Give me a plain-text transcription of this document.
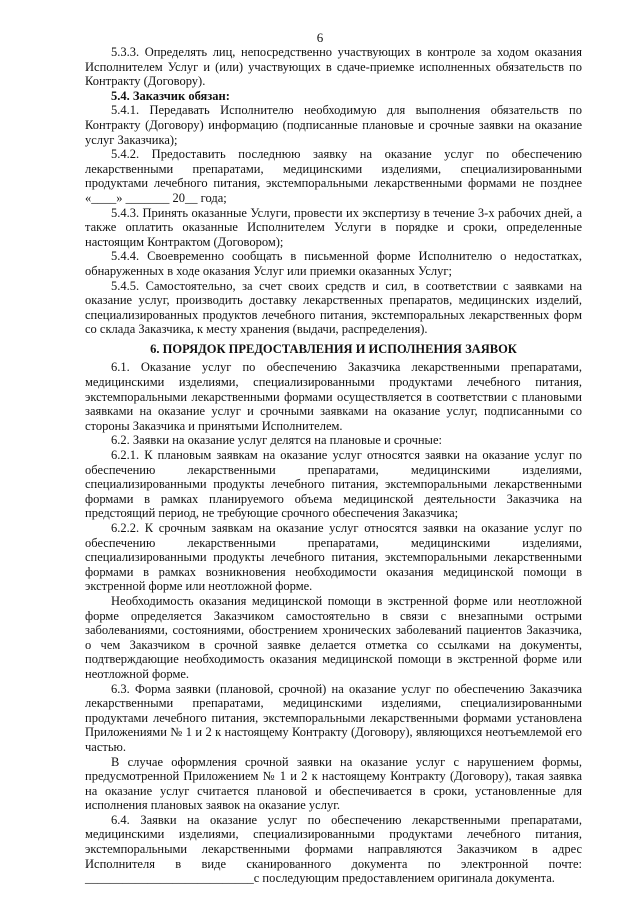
6

5.3.3. Определять лиц, непосредственно участвующих в контроле за ходом оказания Исполнителем Услуг и (или) участвующих в сдаче-приемке исполненных обязательств по Контракту (Договору).

5.4. Заказчик обязан:

5.4.1. Передавать Исполнителю необходимую для выполнения обязательств по Контракту (Договору) информацию (подписанные плановые и срочные заявки на оказание услуг Заказчика);

5.4.2. Предоставить последнюю заявку на оказание услуг по обеспечению лекарственными препаратами, медицинскими изделиями, специализированными продуктами лечебного питания, экстемпоральными лекарственными формами не позднее «____» _______ 20__ года;

5.4.3. Принять оказанные Услуги, провести их экспертизу в течение 3-х рабочих дней, а также оплатить оказанные Исполнителем Услуги в порядке и сроки, определенные настоящим Контрактом (Договором);

5.4.4. Своевременно сообщать в письменной форме Исполнителю о недостатках, обнаруженных в ходе оказания Услуг или приемки оказанных Услуг;

5.4.5. Самостоятельно, за счет своих средств и сил, в соответствии с заявками на оказание услуг, производить доставку лекарственных препаратов, медицинских изделий, специализированных продуктов лечебного питания, экстемпоральных лекарственных форм со склада Заказчика, к месту хранения (выдачи, распределения).

6. ПОРЯДОК ПРЕДОСТАВЛЕНИЯ И ИСПОЛНЕНИЯ ЗАЯВОК

6.1. Оказание услуг по обеспечению Заказчика лекарственными препаратами, медицинскими изделиями, специализированными продуктами лечебного питания, экстемпоральными лекарственными формами осуществляется в соответствии с плановыми заявками на оказание услуг и срочными заявками на оказание услуг, подписанными со стороны Заказчика и принятыми Исполнителем.

6.2. Заявки на оказание услуг делятся на плановые и срочные:

6.2.1. К плановым заявкам на оказание услуг относятся заявки на оказание услуг по обеспечению лекарственными препаратами, медицинскими изделиями, специализированными продукты лечебного питания, экстемпоральными лекарственными формами в рамках планируемого объема медицинской деятельности Заказчика на предстоящий период, не требующие срочного обеспечения Заказчика;

6.2.2. К срочным заявкам на оказание услуг относятся заявки на оказание услуг по обеспечению лекарственными препаратами, медицинскими изделиями, специализированными продукты лечебного питания, экстемпоральными лекарственными формами в рамках возникновения необходимости оказания медицинской помощи в экстренной форме или неотложной форме.

Необходимость оказания медицинской помощи в экстренной форме или неотложной форме определяется Заказчиком самостоятельно в связи с внезапными острыми заболеваниями, состояниями, обострением хронических заболеваний пациентов Заказчика, о чем Заказчиком в срочной заявке делается отметка со ссылками на документы, подтверждающие необходимость оказания медицинской помощи в экстренной форме или неотложной форме.

6.3. Форма заявки (плановой, срочной) на оказание услуг по обеспечению Заказчика лекарственными препаратами, медицинскими изделиями, специализированными продуктами лечебного питания, экстемпоральными лекарственными формами установлена Приложениями № 1 и 2 к настоящему Контракту (Договору), являющихся неотъемлемой его частью.

В случае оформления срочной заявки на оказание услуг с нарушением формы, предусмотренной Приложением № 1 и 2 к настоящему Контракту (Договору), такая заявка на оказание услуг считается плановой и обеспечивается в сроки, установленные для исполнения плановых заявок на оказание услуг.

6.4. Заявки на оказание услуг по обеспечению лекарственными препаратами, медицинскими изделиями, специализированными продуктами лечебного питания, экстемпоральными лекарственными формами направляются Заказчиком в адрес Исполнителя в виде сканированного документа по электронной почте: ___________________________с последующим предоставлением оригинала документа.
